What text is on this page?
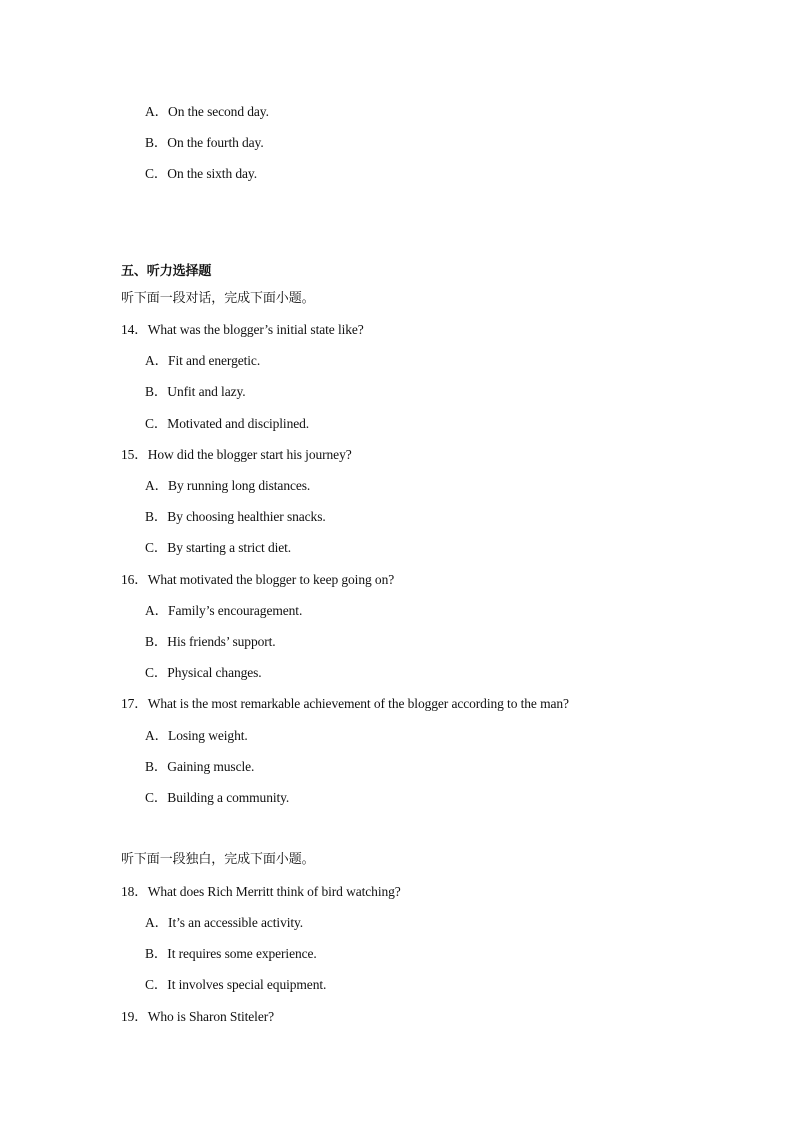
A．On the second day.
B．On the fourth day.
C．On the sixth day.
五、听力选择题
听下面一段对话，完成下面小题。
14．What was the blogger’s initial state like?
A．Fit and energetic.
B．Unfit and lazy.
C．Motivated and disciplined.
15．How did the blogger start his journey?
A．By running long distances.
B．By choosing healthier snacks.
C．By starting a strict diet.
16．What motivated the blogger to keep going on?
A．Family’s encouragement.
B．His friends’ support.
C．Physical changes.
17．What is the most remarkable achievement of the blogger according to the man?
A．Losing weight.
B．Gaining muscle.
C．Building a community.
听下面一段独白，完成下面小题。
18．What does Rich Merritt think of bird watching?
A．It’s an accessible activity.
B．It requires some experience.
C．It involves special equipment.
19．Who is Sharon Stiteler?
